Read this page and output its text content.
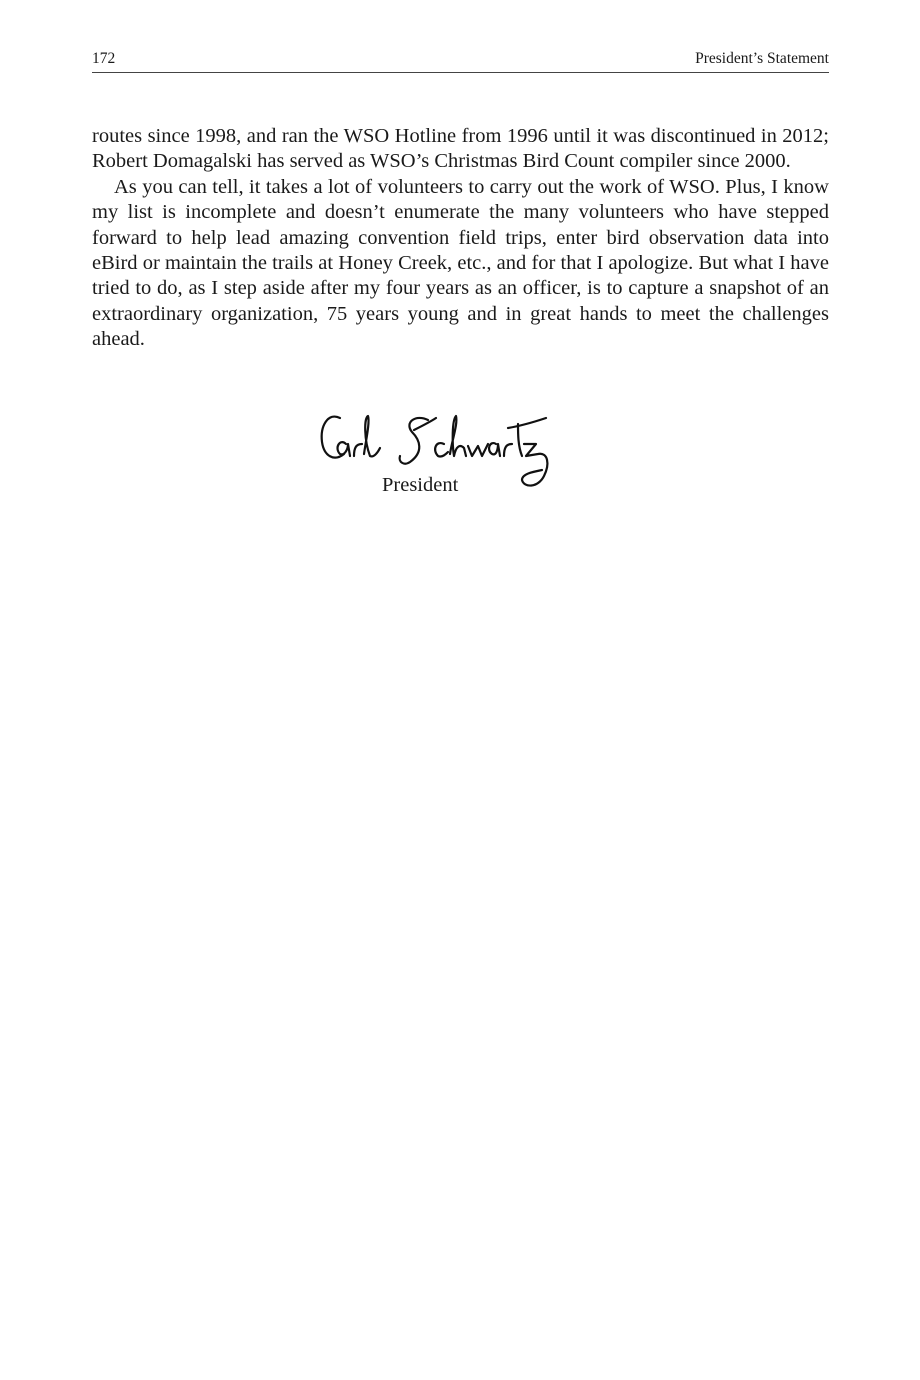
172	President’s Statement

routes since 1998, and ran the WSO Hotline from 1996 until it was discontinued in 2012; Robert Domagalski has served as WSO’s Christmas Bird Count compiler since 2000.

As you can tell, it takes a lot of volunteers to carry out the work of WSO. Plus, I know my list is incomplete and doesn’t enumerate the many volunteers who have stepped forward to help lead amazing convention field trips, enter bird observation data into eBird or maintain the trails at Honey Creek, etc., and for that I apologize. But what I have tried to do, as I step aside after my four years as an officer, is to capture a snapshot of an extraordinary organization, 75 years young and in great hands to meet the challenges ahead.

President
